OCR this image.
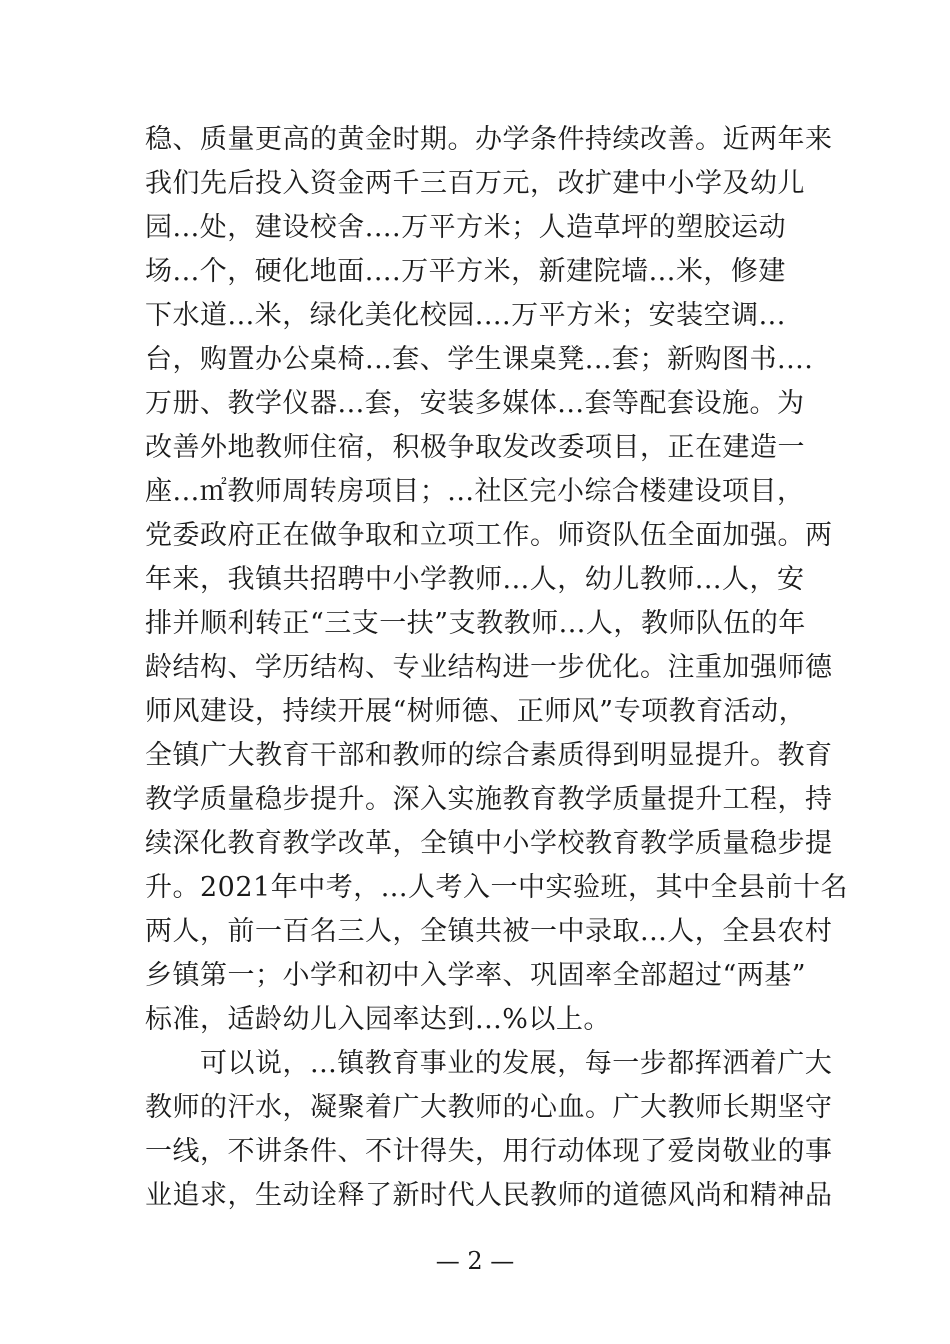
稳、质量更高的黄金时期。办学条件持续改善。近两年来
我们先后投入资金两千三百万元，改扩建中小学及幼儿
园...处，建设校舍....万平方米；人造草坪的塑胶运动
场...个，硬化地面....万平方米，新建院墙...米，修建
下水道...米，绿化美化校园....万平方米；安装空调...
台，购置办公桌椅...套、学生课桌凳...套；新购图书....
万册、教学仪器...套，安装多媒体...套等配套设施。为
改善外地教师住宿，积极争取发改委项目，正在建造一
座...㎡教师周转房项目；...社区完小综合楼建设项目，
党委政府正在做争取和立项工作。师资队伍全面加强。两
年来，我镇共招聘中小学教师...人，幼儿教师...人，安
排并顺利转正“三支一扶”支教教师...人，教师队伍的年
龄结构、学历结构、专业结构进一步优化。注重加强师德
师风建设，持续开展“树师德、正师风”专项教育活动，
全镇广大教育干部和教师的综合素质得到明显提升。教育
教学质量稳步提升。深入实施教育教学质量提升工程，持
续深化教育教学改革，全镇中小学校教育教学质量稳步提
升。2021年中考，...人考入一中实验班，其中全县前十名
两人，前一百名三人，全镇共被一中录取...人，全县农村
乡镇第一；小学和初中入学率、巩固率全部超过“两基”
标准，适龄幼儿入园率达到...%以上。
　　可以说，...镇教育事业的发展，每一步都挥洒着广大
教师的汗水，凝聚着广大教师的心血。广大教师长期坚守
一线，不讲条件、不计得失，用行动体现了爱岗敬业的事
业追求，生动诠释了新时代人民教师的道德风尚和精神品
— 2 —
